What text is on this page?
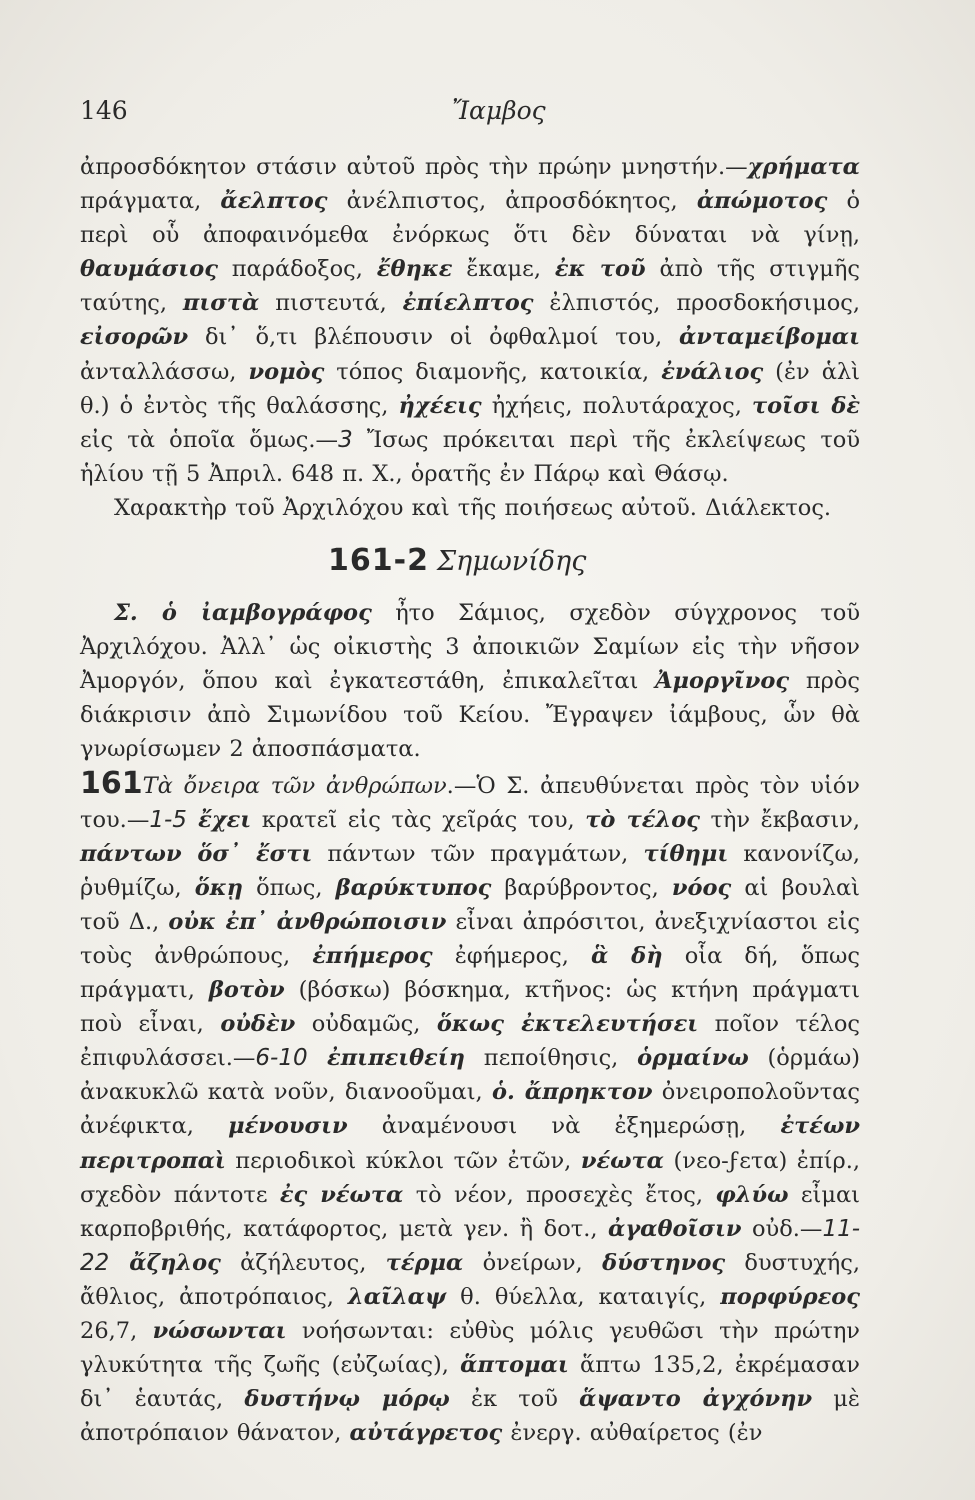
146	Ἴαμβος

ἀπροσδόκητον στάσιν αὐτοῦ πρὸς τὴν πρώην μνηστήν.—χρήματα πράγματα, ἄελπτος ἀνέλπιστος, ἀπροσδόκητος, ἀπώμοτος ὁ περὶ οὗ ἀποφαινόμεθα ἐνόρκως ὅτι δὲν δύναται νὰ γίνῃ, θαυμάσιος παράδοξος, ἔθηκε ἔκαμε, ἐκ τοῦ ἀπὸ τῆς στιγμῆς ταύτης, πιστὰ πιστευτά, ἐπίελπτος ἐλπιστός, προσδοκήσιμος, εἰσορῶν δι᾽ ὅ,τι βλέπουσιν οἱ ὀφθαλμοί του, ἀνταμείβομαι ἀνταλλάσσω, νομὸς τόπος διαμονῆς, κατοικία, ἐνάλιος (ἐν ἁλὶ θ.) ὁ ἐντὸς τῆς θαλάσσης, ἠχέεις ἠχήεις, πολυτάραχος, τοῖσι δὲ εἰς τὰ ὁποῖα ὅμως.—3 Ἴσως πρόκειται περὶ τῆς ἐκλείψεως τοῦ ἡλίου τῇ 5 Ἀπριλ. 648 π. Χ., ὁρατῆς ἐν Πάρῳ καὶ Θάσῳ.

Χαρακτὴρ τοῦ Ἀρχιλόχου καὶ τῆς ποιήσεως αὐτοῦ. Διάλεκτος.

161-2 Σημωνίδης

Σ. ὁ ἰαμβογράφος ἦτο Σάμιος, σχεδὸν σύγχρονος τοῦ Ἀρχιλόχου. Ἀλλ᾽ ὡς οἰκιστὴς 3 ἀποικιῶν Σαμίων εἰς τὴν νῆσον Ἀμοργόν, ὅπου καὶ ἐγκατεστάθη, ἐπικαλεῖται Ἀμοργῖνος πρὸς διάκρισιν ἀπὸ Σιμωνίδου τοῦ Κείου. Ἔγραψεν ἰάμβους, ὧν θὰ γνωρίσωμεν 2 ἀποσπάσματα.

161Τὰ ὄνειρα τῶν ἀνθρώπων.—Ὁ Σ. ἀπευθύνεται πρὸς τὸν υἱόν του.—1-5 ἔχει κρατεῖ εἰς τὰς χεῖράς του, τὸ τέλος τὴν ἔκβασιν, πάντων ὅσ᾽ ἔστι πάντων τῶν πραγμάτων, τίθημι κανονίζω, ῥυθμίζω, ὅκῃ ὅπως, βαρύκτυπος βαρύβροντος, νόος αἱ βουλαὶ τοῦ Δ., οὐκ ἐπ᾽ ἀνθρώποισιν εἶναι ἀπρόσιτοι, ἀνεξιχνίαστοι εἰς τοὺς ἀνθρώπους, ἐπήμερος ἐφήμερος, ἃ δὴ οἷα δή, ὅπως πράγματι, βοτὸν (βόσκω) βόσκημα, κτῆνος: ὡς κτήνη πράγματι ποὺ εἶναι, οὐδὲν οὐδαμῶς, ὅκως ἐκτελευτήσει ποῖον τέλος ἐπιφυλάσσει.—6-10 ἐπιπειθείη πεποίθησις, ὁρμαίνω (ὁρμάω) ἀνακυκλῶ κατὰ νοῦν, διανοοῦμαι, ὁ. ἄπρηκτον ὀνειροπολοῦντας ἀνέφικτα, μένουσιν ἀναμένουσι νὰ ἐξημερώσῃ, ἐτέων περιτροπαὶ περιοδικοὶ κύκλοι τῶν ἐτῶν, νέωτα (νεο-ϝετα) ἐπίρ., σχεδὸν πάντοτε ἐς νέωτα τὸ νέον, προσεχὲς ἔτος, φλύω εἶμαι καρποβριθής, κατάφορτος, μετὰ γεν. ἢ δοτ., ἀγαθοῖσιν οὐδ.—11-22 ἄζηλος ἀζήλευτος, τέρμα ὀνείρων, δύστηνος δυστυχής, ἄθλιος, ἀποτρόπαιος, λαῖλαψ θ. θύελλα, καταιγίς, πορφύρεος 26,7, νώσωνται νοήσωνται: εὐθὺς μόλις γευθῶσι τὴν πρώτην γλυκύτητα τῆς ζωῆς (εὐζωίας), ἅπτομαι ἅπτω 135,2, ἐκρέμασαν δι᾽ ἑαυτάς, δυστήνῳ μόρῳ ἐκ τοῦ ἅψαντο ἀγχόνην μὲ ἀποτρόπαιον θάνατον, αὐτάγρετος ἐνεργ. αὐθαίρετος (ἐν
